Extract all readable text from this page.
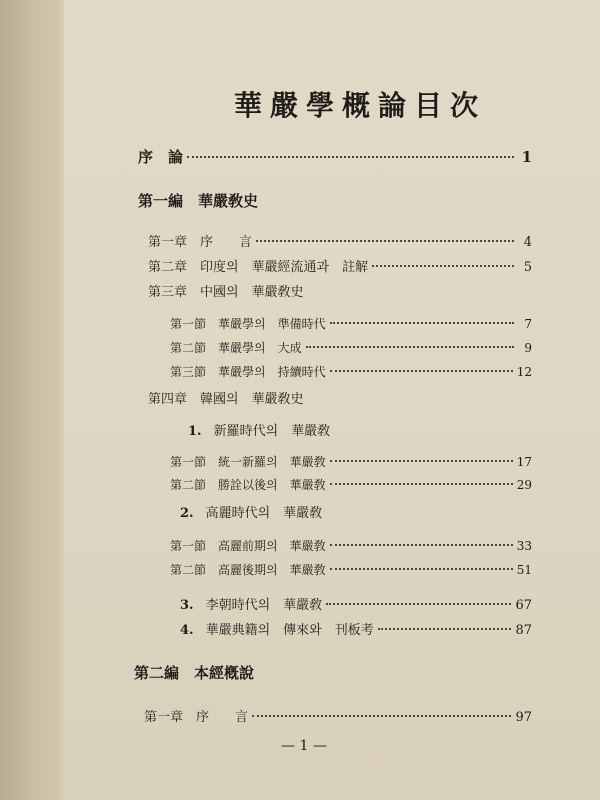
華嚴學概論目次
序　論	1
第一編　華嚴敎史
第一章　序　　言	4
第二章　印度의　華嚴經流通과　註解	5
第三章　中國의　華嚴敎史
第一節　華嚴學의　準備時代	7
第二節　華嚴學의　大成	9
第三節　華嚴學의　持續時代	12
第四章　韓國의　華嚴敎史
1. 新羅時代의　華嚴敎
第一節　統一新羅의　華嚴敎	17
第二節　勝詮以後의　華嚴敎	29
2. 高麗時代의　華嚴敎
第一節　高麗前期의　華嚴敎	33
第二節　高麗後期의　華嚴敎	51
3. 李朝時代의　華嚴敎	67
4. 華嚴典籍의　傳來와　刊板考	87
第二編　本經槪說
第一章　序　　言	97
— 1 —
